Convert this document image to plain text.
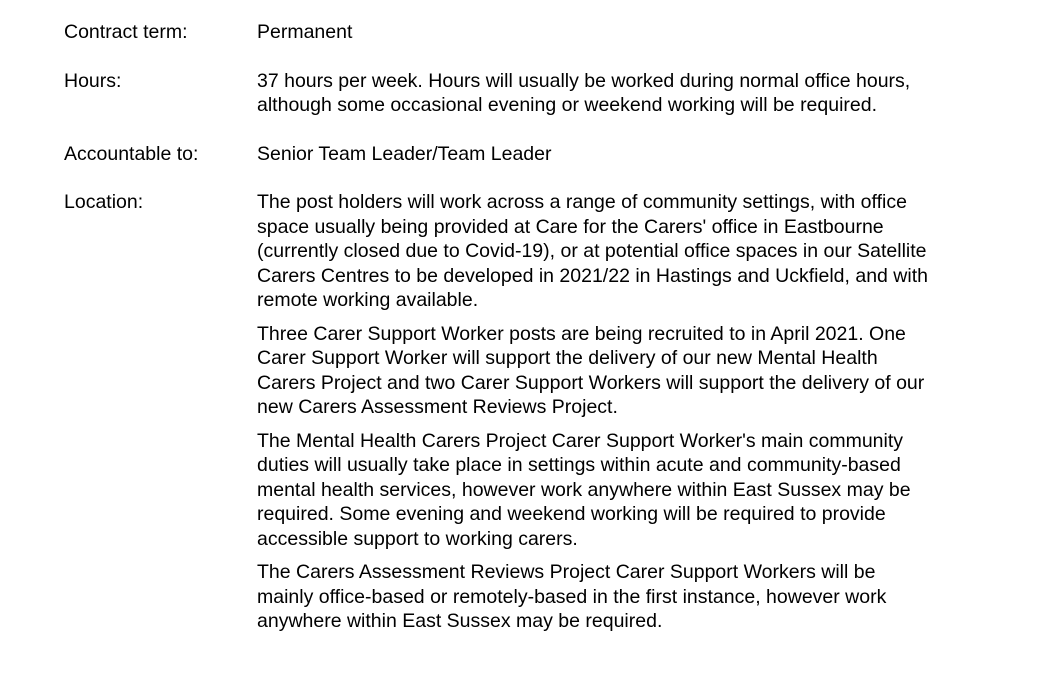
Contract term:	Permanent

Hours:	37 hours per week. Hours will usually be worked during normal office hours,
although some occasional evening or weekend working will be required.

Accountable to:	Senior Team Leader/Team Leader

Location:	The post holders will work across a range of community settings, with office
space usually being provided at Care for the Carers' office in Eastbourne
(currently closed due to Covid-19), or at potential office spaces in our Satellite
Carers Centres to be developed in 2021/22 in Hastings and Uckfield, and with
remote working available.

Three Carer Support Worker posts are being recruited to in April 2021. One
Carer Support Worker will support the delivery of our new Mental Health
Carers Project and two Carer Support Workers will support the delivery of our
new Carers Assessment Reviews Project.

The Mental Health Carers Project Carer Support Worker's main community
duties will usually take place in settings within acute and community-based
mental health services, however work anywhere within East Sussex may be
required. Some evening and weekend working will be required to provide
accessible support to working carers.

The Carers Assessment Reviews Project Carer Support Workers will be
mainly office-based or remotely-based in the first instance, however work
anywhere within East Sussex may be required.
